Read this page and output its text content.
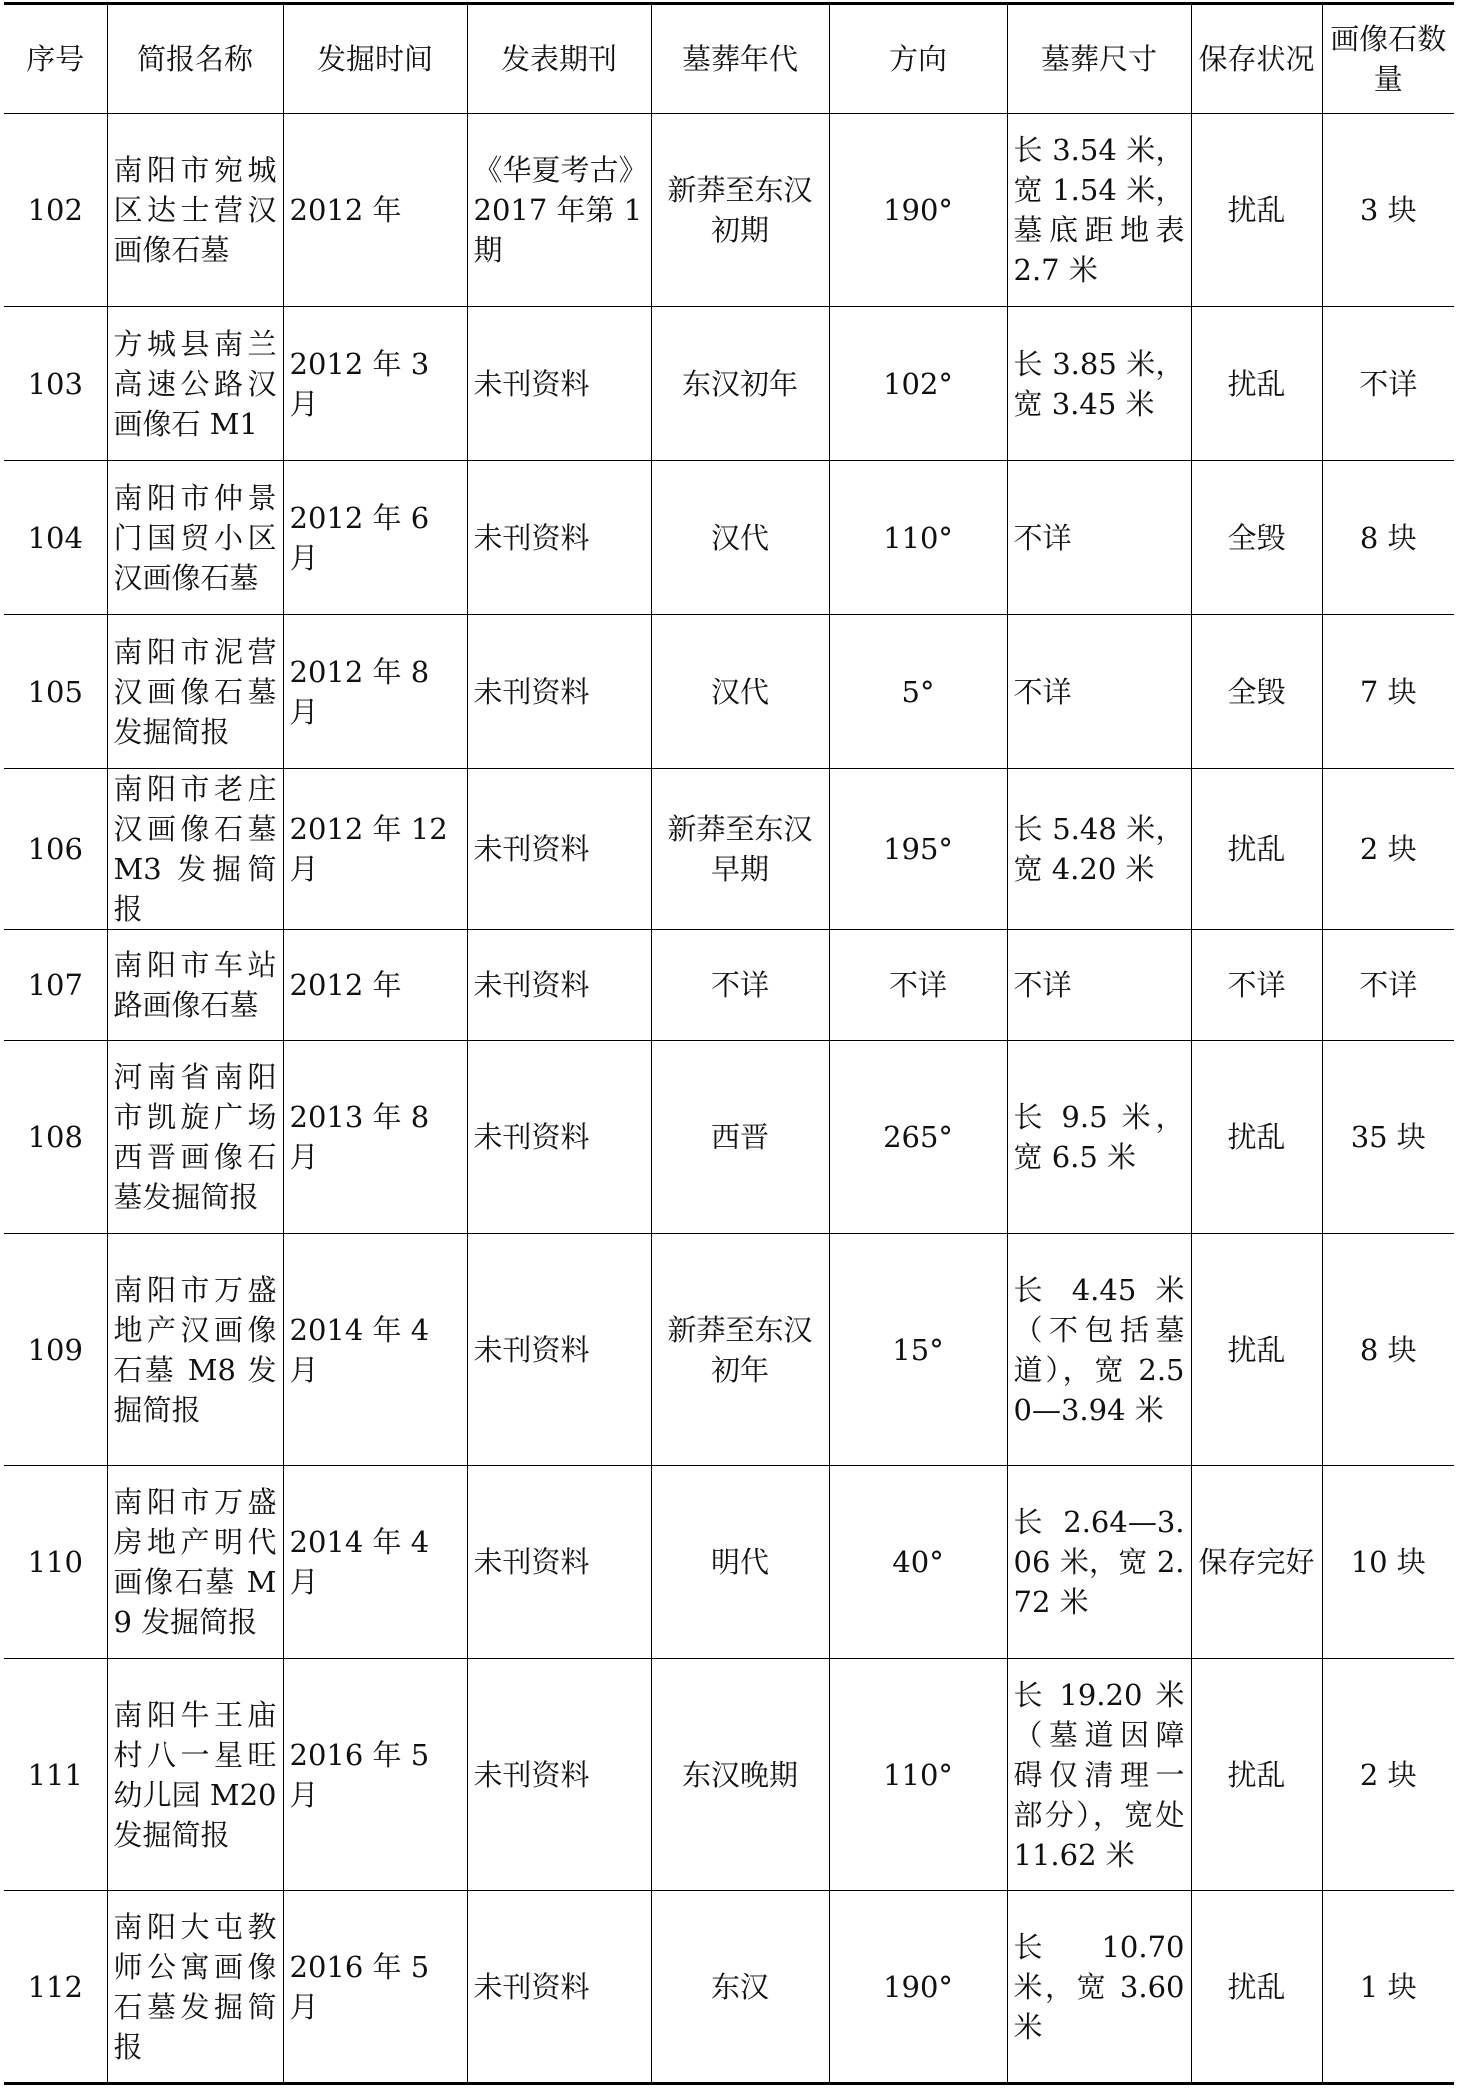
序号	简报名称	发掘时间	发表期刊	墓葬年代	方向	墓葬尺寸	保存状况	画像石数量
102	南阳市宛城区达士营汉画像石墓	2012 年	《华夏考古》2017 年第 1 期	新莽至东汉初期	190°	长 3.54 米，宽 1.54 米，墓底距地表 2.7 米	扰乱	3 块
103	方城县南兰高速公路汉画像石 M1	2012 年 3 月	未刊资料	东汉初年	102°	长 3.85 米，宽 3.45 米	扰乱	不详
104	南阳市仲景门国贸小区汉画像石墓	2012 年 6 月	未刊资料	汉代	110°	不详	全毁	8 块
105	南阳市泥营汉画像石墓发掘简报	2012 年 8 月	未刊资料	汉代	5°	不详	全毁	7 块
106	南阳市老庄汉画像石墓 M3 发掘简报	2012 年 12 月	未刊资料	新莽至东汉早期	195°	长 5.48 米，宽 4.20 米	扰乱	2 块
107	南阳市车站路画像石墓	2012 年	未刊资料	不详	不详	不详	不详	不详
108	河南省南阳市凯旋广场西晋画像石墓发掘简报	2013 年 8 月	未刊资料	西晋	265°	长 9.5 米，宽 6.5 米	扰乱	35 块
109	南阳市万盛地产汉画像石墓 M8 发掘简报	2014 年 4 月	未刊资料	新莽至东汉初年	15°	长 4.45 米（不包括墓道），宽 2.50—3.94 米	扰乱	8 块
110	南阳市万盛房地产明代画像石墓 M9 发掘简报	2014 年 4 月	未刊资料	明代	40°	长 2.64—3.06 米，宽 2.72 米	保存完好	10 块
111	南阳牛王庙村八一星旺幼儿园 M20 发掘简报	2016 年 5 月	未刊资料	东汉晚期	110°	长 19.20 米（墓道因障碍仅清理一部分），宽处 11.62 米	扰乱	2 块
112	南阳大屯教师公寓画像石墓发掘简报	2016 年 5 月	未刊资料	东汉	190°	长 10.70 米，宽 3.60 米	扰乱	1 块
